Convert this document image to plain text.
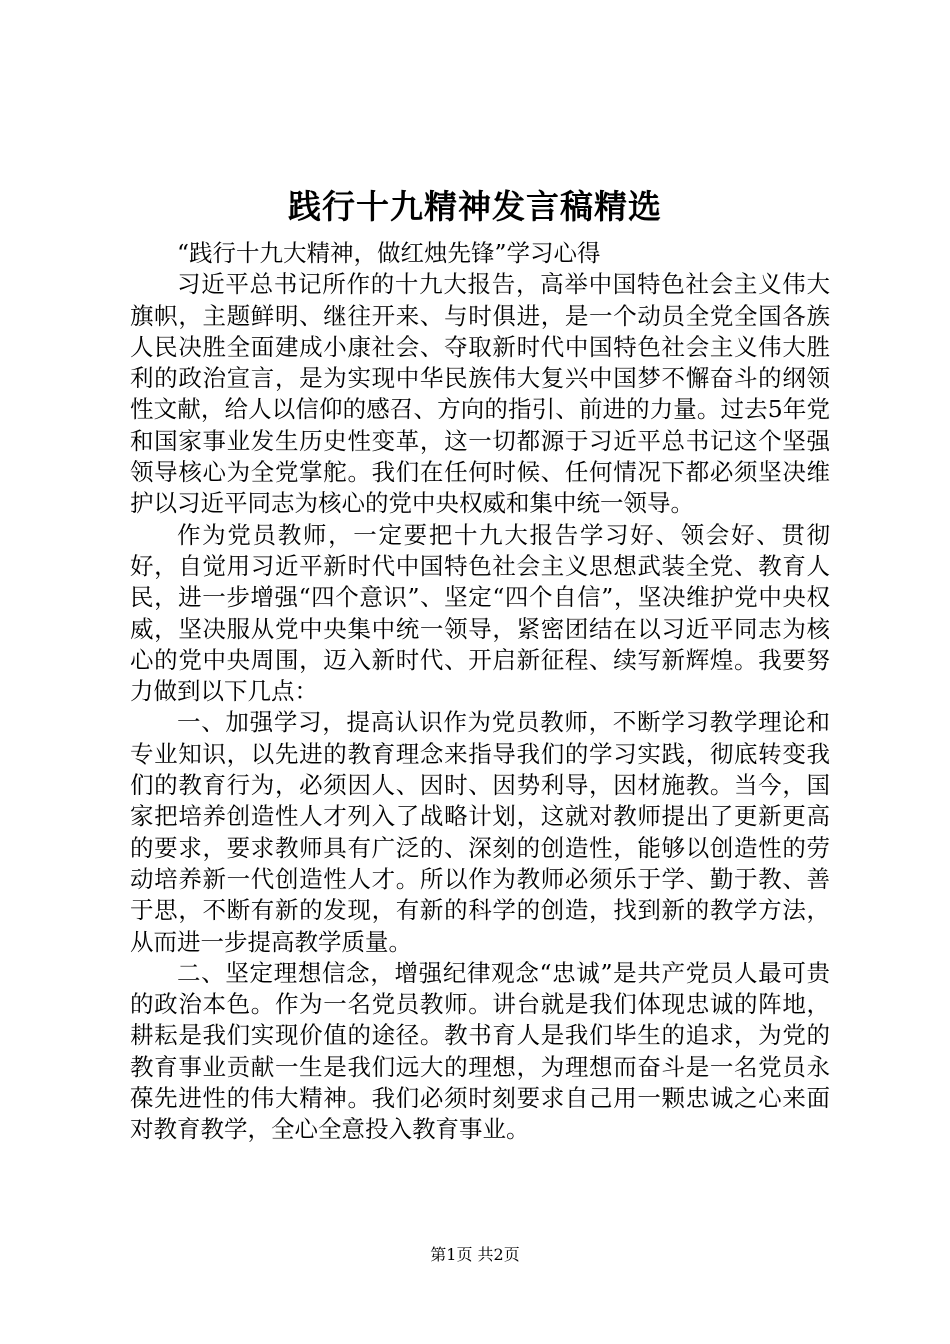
践行十九精神发言稿精选

“践行十九大精神，做红烛先锋”学习心得

习近平总书记所作的十九大报告，高举中国特色社会主义伟大旗帜，主题鲜明、继往开来、与时俱进，是一个动员全党全国各族人民决胜全面建成小康社会、夺取新时代中国特色社会主义伟大胜利的政治宣言，是为实现中华民族伟大复兴中国梦不懈奋斗的纲领性文献，给人以信仰的感召、方向的指引、前进的力量。过去5年党和国家事业发生历史性变革，这一切都源于习近平总书记这个坚强领导核心为全党掌舵。我们在任何时候、任何情况下都必须坚决维护以习近平同志为核心的党中央权威和集中统一领导。

作为党员教师，一定要把十九大报告学习好、领会好、贯彻好，自觉用习近平新时代中国特色社会主义思想武装全党、教育人民，进一步增强“四个意识”、坚定“四个自信”，坚决维护党中央权威，坚决服从党中央集中统一领导，紧密团结在以习近平同志为核心的党中央周围，迈入新时代、开启新征程、续写新辉煌。我要努力做到以下几点：

一、加强学习，提高认识作为党员教师，不断学习教学理论和专业知识，以先进的教育理念来指导我们的学习实践，彻底转变我们的教育行为，必须因人、因时、因势利导，因材施教。当今，国家把培养创造性人才列入了战略计划，这就对教师提出了更新更高的要求，要求教师具有广泛的、深刻的创造性，能够以创造性的劳动培养新一代创造性人才。所以作为教师必须乐于学、勤于教、善于思，不断有新的发现，有新的科学的创造，找到新的教学方法，从而进一步提高教学质量。

二、坚定理想信念，增强纪律观念“忠诚”是共产党员人最可贵的政治本色。作为一名党员教师。讲台就是我们体现忠诚的阵地，耕耘是我们实现价值的途径。教书育人是我们毕生的追求，为党的教育事业贡献一生是我们远大的理想，为理想而奋斗是一名党员永葆先进性的伟大精神。我们必须时刻要求自己用一颗忠诚之心来面对教育教学，全心全意投入教育事业。

第1页 共2页
